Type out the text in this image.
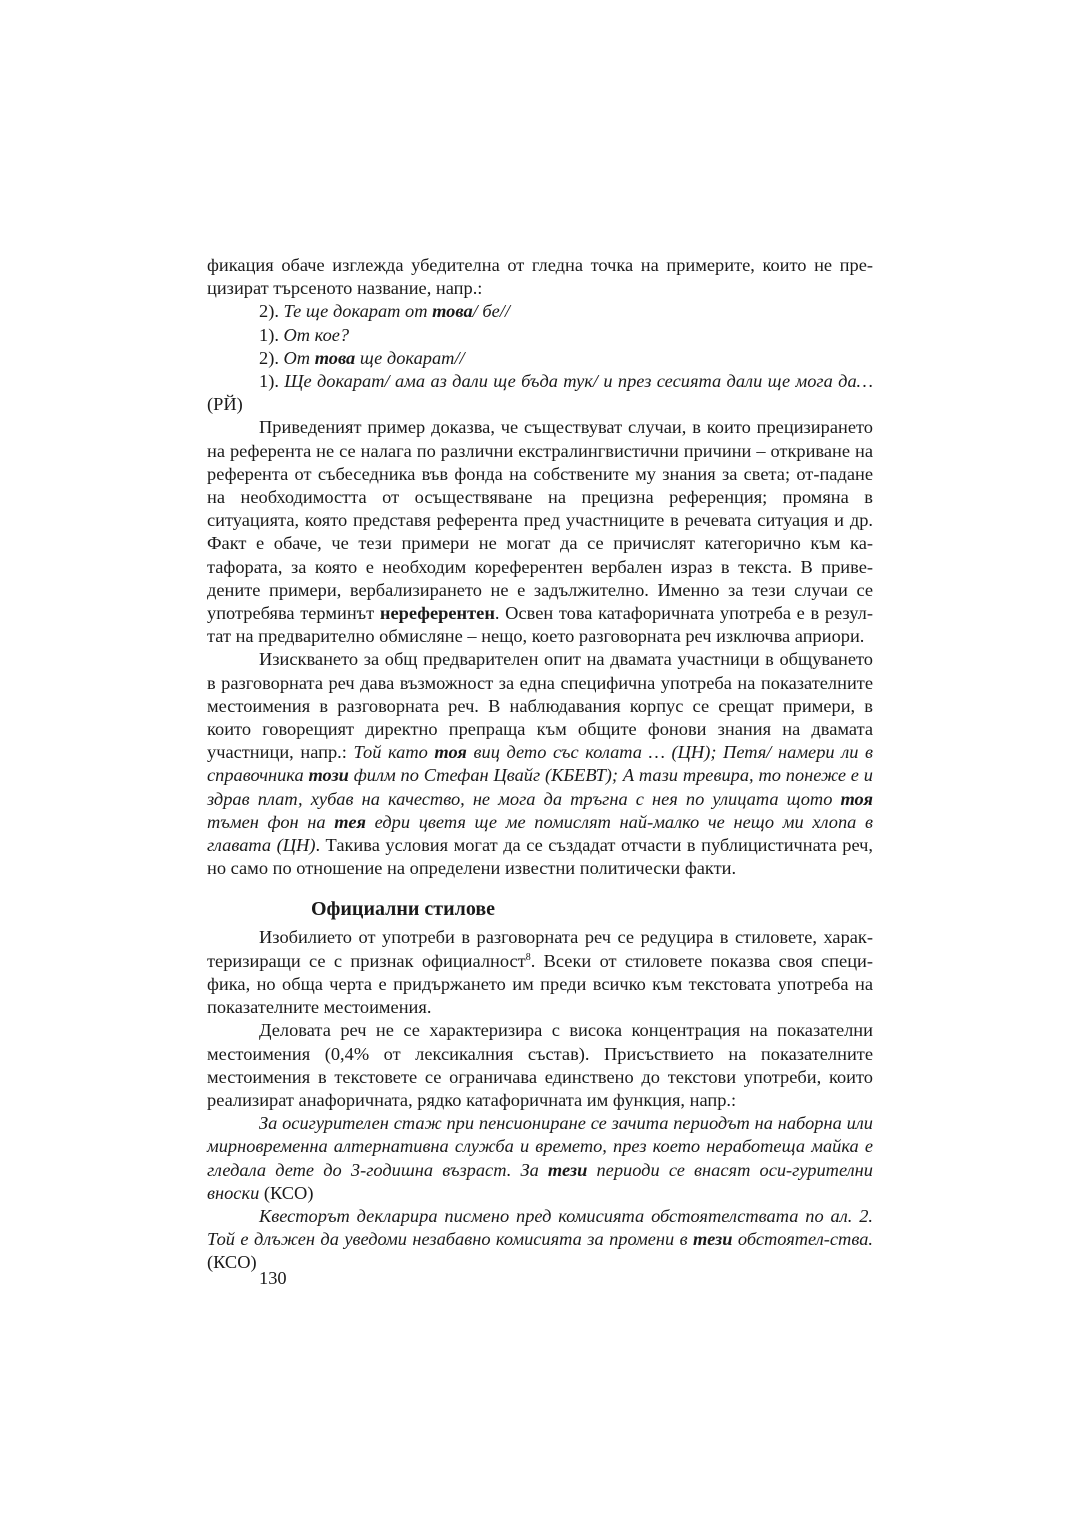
фикация обаче изглежда убедителна от гледна точка на примерите, които не пре-цизират търсеното название, напр.:

2). Те ще докарат от това/ бе//

1). От кое?

2). От това ще докарат//

1). Ще докарат/ ама аз дали ще бъда тук/ и през сесията дали ще мога да… (РЙ)

Приведеният пример доказва, че съществуват случаи, в които прецизирането на референта не се налага по различни екстралингвистични причини – откриване на референта от събеседника във фонда на собствените му знания за света; от-падане на необходимостта от осъществяване на прецизна референция; промяна в ситуацията, която представя референта пред участниците в речевата ситуация и др. Факт е обаче, че тези примери не могат да се причислят категорично към ка-тафората, за която е необходим кореферентен вербален израз в текста. В приве-дените примери, вербализирането не е задължително. Именно за тези случаи се употребява терминът нереферентен. Освен това катафоричната употреба е в резул-тат на предварително обмисляне – нещо, което разговорната реч изключва априори.

Изискването за общ предварителен опит на двамата участници в общуването в разговорната реч дава възможност за една специфична употреба на показателните местоимения в разговорната реч. В наблюдавания корпус се срещат примери, в които говорещият директно препраща към общите фонови знания на двамата участници, напр.: Той като тоя виц дето със колата … (ЦН); Петя/ намери ли в справочника този филм по Стефан Цвайг (КБЕВТ); А тази тревира, то понеже е и здрав плат, хубав на качество, не мога да тръгна с нея по улицата щото тоя тъмен фон на тея едри цветя ще ме помислят най-малко че нещо ми хлопа в главата (ЦН). Такива условия могат да се създадат отчасти в публицистичната реч, но само по отношение на определени известни политически факти.

Официални стилове

Изобилието от употреби в разговорната реч се редуцира в стиловете, харак-теризиращи се с признак официалност$^8$. Всеки от стиловете показва своя специ-фика, но обща черта е придържането им преди всичко към текстовата употреба на показателните местоимения.

Деловата реч не се характеризира с висока концентрация на показателни местоимения (0,4% от лексикалния състав). Присъствието на показателните местоимения в текстовете се ограничава единствено до текстови употреби, които реализират анафоричната, рядко катафоричната им функция, напр.:

За осигурителен стаж при пенсиониране се зачита периодът на наборна или мирновременна алтернативна служба и времето, през което неработеща майка е гледала дете до 3-годишна възраст. За тези периоди се внасят оси-гурителни вноски (КСО)

Квесторът декларира писмено пред комисията обстоятелствата по ал. 2. Той е длъжен да уведоми незабавно комисията за промени в тези обстоятел-ства. (КСО)

130
